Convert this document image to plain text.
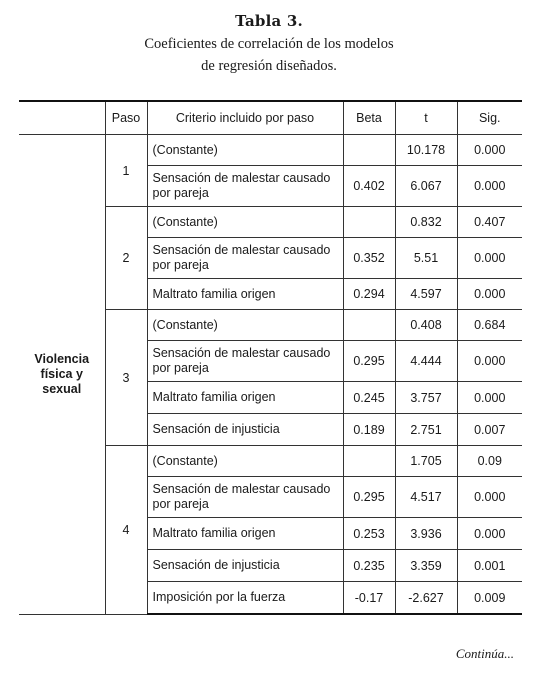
Tabla 3.
Coeficientes de correlación de los modelos
de regresión diseñados.
	Paso	Criterio incluido por paso	Beta	t	Sig.

Violencia física y sexual	1	(Constante)		10.178	0.000
		Sensación de malestar causado por pareja	0.402	6.067	0.000
	2	(Constante)		0.832	0.407
		Sensación de malestar causado por pareja	0.352	5.51	0.000
		Maltrato familia origen	0.294	4.597	0.000
	3	(Constante)		0.408	0.684
		Sensación de malestar causado por pareja	0.295	4.444	0.000
		Maltrato familia origen	0.245	3.757	0.000
		Sensación de injusticia	0.189	2.751	0.007
	4	(Constante)		1.705	0.09
		Sensación de malestar causado por pareja	0.295	4.517	0.000
		Maltrato familia origen	0.253	3.936	0.000
		Sensación de injusticia	0.235	3.359	0.001
		Imposición por la fuerza	-0.17	-2.627	0.009
Continúa...
